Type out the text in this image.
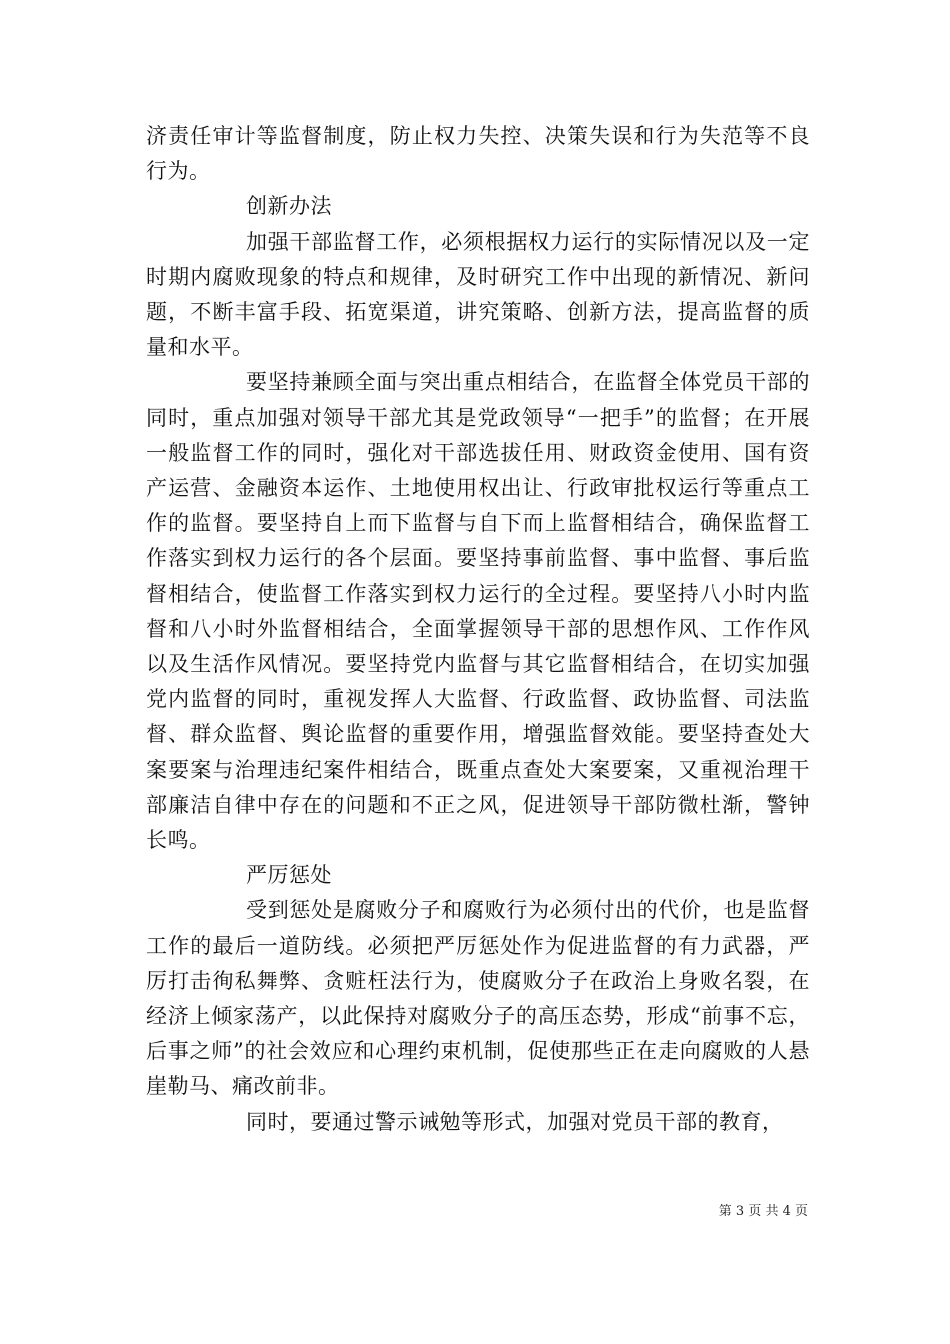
济责任审计等监督制度，防止权力失控、决策失误和行为失范等不良行为。

创新办法

加强干部监督工作，必须根据权力运行的实际情况以及一定时期内腐败现象的特点和规律，及时研究工作中出现的新情况、新问题，不断丰富手段、拓宽渠道，讲究策略、创新方法，提高监督的质量和水平。

要坚持兼顾全面与突出重点相结合，在监督全体党员干部的同时，重点加强对领导干部尤其是党政领导“一把手”的监督；在开展一般监督工作的同时，强化对干部选拔任用、财政资金使用、国有资产运营、金融资本运作、土地使用权出让、行政审批权运行等重点工作的监督。要坚持自上而下监督与自下而上监督相结合，确保监督工作落实到权力运行的各个层面。要坚持事前监督、事中监督、事后监督相结合，使监督工作落实到权力运行的全过程。要坚持八小时内监督和八小时外监督相结合，全面掌握领导干部的思想作风、工作作风以及生活作风情况。要坚持党内监督与其它监督相结合，在切实加强党内监督的同时，重视发挥人大监督、行政监督、政协监督、司法监督、群众监督、舆论监督的重要作用，增强监督效能。要坚持查处大案要案与治理违纪案件相结合，既重点查处大案要案，又重视治理干部廉洁自律中存在的问题和不正之风，促进领导干部防微杜渐，警钟长鸣。

严厉惩处

受到惩处是腐败分子和腐败行为必须付出的代价，也是监督工作的最后一道防线。必须把严厉惩处作为促进监督的有力武器，严厉打击徇私舞弊、贪赃枉法行为，使腐败分子在政治上身败名裂，在经济上倾家荡产，以此保持对腐败分子的高压态势，形成“前事不忘，后事之师”的社会效应和心理约束机制，促使那些正在走向腐败的人悬崖勒马、痛改前非。

同时，要通过警示诫勉等形式，加强对党员干部的教育，

第 3 页 共 4 页
